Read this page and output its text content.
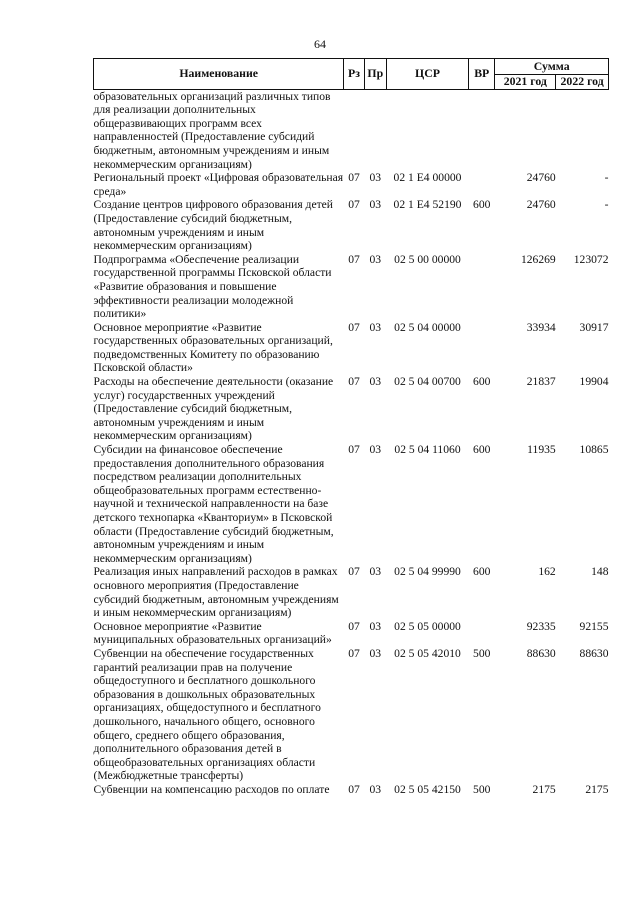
64
Наименование	Рз	Пр	ЦСР	ВР	Сумма	
					2021 год	2022 год
образовательных организаций различных типов для реализации дополнительных общеразвивающих программ всех направленностей (Предоставление субсидий бюджетным, автономным учреждениям и иным некоммерческим организациям)						
Региональный проект «Цифровая образовательная среда»	07	03	02 1 Е4 00000		24760	-
Создание центров цифрового образования детей (Предоставление субсидий бюджетным, автономным учреждениям и иным некоммерческим организациям)	07	03	02 1 Е4 52190	600	24760	-
Подпрограмма «Обеспечение реализации государственной программы Псковской области «Развитие образования и повышение эффективности реализации молодежной политики»	07	03	02 5 00 00000		126269	123072
Основное мероприятие «Развитие государственных образовательных организаций, подведомственных Комитету по образованию Псковской области»	07	03	02 5 04 00000		33934	30917
Расходы на обеспечение деятельности (оказание услуг) государственных учреждений (Предоставление субсидий бюджетным, автономным учреждениям и иным некоммерческим организациям)	07	03	02 5 04 00700	600	21837	19904
Субсидии на финансовое обеспечение предоставления дополнительного образования посредством реализации дополнительных общеобразовательных программ естественно-научной и технической направленности на базе детского технопарка «Кванториум» в Псковской области (Предоставление субсидий бюджетным, автономным учреждениям и иным некоммерческим организациям)	07	03	02 5 04 11060	600	11935	10865
Реализация иных направлений расходов в рамках основного мероприятия (Предоставление субсидий бюджетным, автономным учреждениям и иным некоммерческим организациям)	07	03	02 5 04 99990	600	162	148
Основное мероприятие «Развитие муниципальных образовательных организаций»	07	03	02 5 05 00000		92335	92155
Субвенции на обеспечение государственных гарантий реализации прав на получение общедоступного и бесплатного дошкольного образования в дошкольных образовательных организациях, общедоступного и бесплатного дошкольного, начального общего, основного общего, среднего общего образования, дополнительного образования детей в общеобразовательных организациях области (Межбюджетные трансферты)	07	03	02 5 05 42010	500	88630	88630
Субвенции на компенсацию расходов по оплате	07	03	02 5 05 42150	500	2175	2175
